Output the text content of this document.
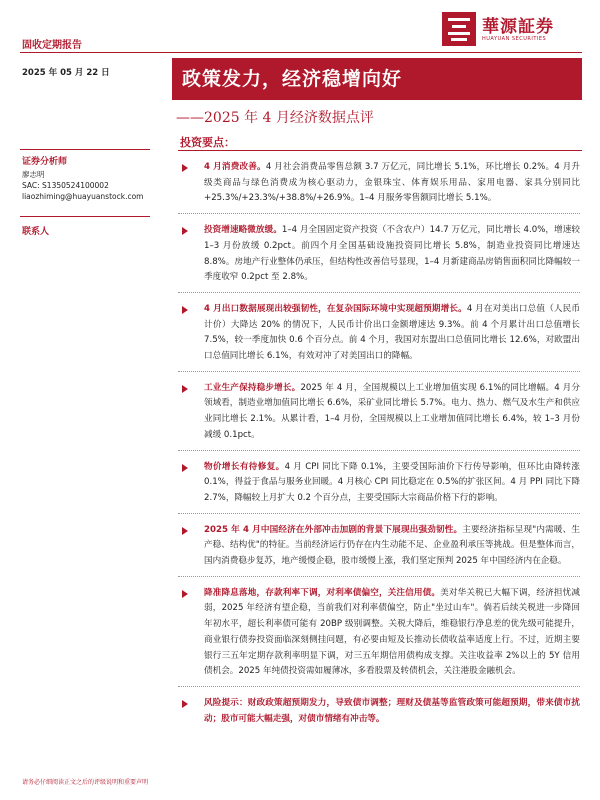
固收定期报告
華源証券
HUAYUAN SECURITIES
2025 年 05 月 22 日	政策发力，经济稳增向好
——2025 年 4 月经济数据点评
证券分析师
廖志明
SAC: S1350524100002
liaozhiming@huayuanstock.com
联系人
投资要点：
4 月消费改善。4 月社会消费品零售总额 3.7 万亿元，同比增长 5.1%，环比增长 0.2%。4 月升级类商品与绿色消费成为核心驱动力，金银珠宝、体育娱乐用品、家用电器、家具分别同比+25.3%/+23.3%/+38.8%/+26.9%。1–4 月服务零售额同比增长 5.1%。
投资增速略微放缓。1–4 月全国固定资产投资（不含农户）14.7 万亿元，同比增长 4.0%，增速较 1–3 月份放缓 0.2pct。前四个月全国基础设施投资同比增长 5.8%，制造业投资同比增速达 8.8%。房地产行业整体仍承压，但结构性改善信号显现，1–4 月新建商品房销售面积同比降幅较一季度收窄 0.2pct 至 2.8%。
4 月出口数据展现出较强韧性，在复杂国际环境中实现超预期增长。4 月在对美出口总值（人民币计价）大降达 20% 的情况下，人民币计价出口金额增速达 9.3%。前 4 个月累计出口总值增长 7.5%，较一季度加快 0.6 个百分点。前 4 个月，我国对东盟出口总值同比增长 12.6%，对欧盟出口总值同比增长 6.1%，有效对冲了对美国出口的降幅。
工业生产保持稳步增长。2025 年 4 月，全国规模以上工业增加值实现 6.1%的同比增幅。4 月分领域看，制造业增加值同比增长 6.6%，采矿业同比增长 5.7%。电力、热力、燃气及水生产和供应业同比增长 2.1%。从累计看，1–4 月份，全国规模以上工业增加值同比增长 6.4%，较 1–3 月份减缓 0.1pct。
物价增长有待修复。4 月 CPI 同比下降 0.1%，主要受国际油价下行传导影响，但环比由降转涨 0.1%，得益于食品与服务业回暖。4 月核心 CPI 同比稳定在 0.5%的扩张区间。4 月 PPI 同比下降 2.7%，降幅较上月扩大 0.2 个百分点，主要受国际大宗商品价格下行的影响。
2025 年 4 月中国经济在外部冲击加剧的背景下展现出强劲韧性。主要经济指标呈现"内需暖、生产稳、结构优"的特征。当前经济运行仍存在内生动能不足、企业盈利承压等挑战。但是整体而言，国内消费稳步复苏，地产缓慢企稳，股市缓慢上涨，我们坚定预判 2025 年中国经济内在企稳。
降准降息落地，存款利率下调，对利率债偏空，关注信用债。美对华关税已大幅下调，经济担忧减弱，2025 年经济有望企稳，当前我们对利率债偏空，防止"坐过山车"。倘若后续关税进一步降回年初水平，超长利率债可能有 20BP 级别调整。关税大降后，维稳银行净息差的优先级可能提升，商业银行债券投资面临深刻侧挂问题，有必要由短及长推动长债收益率适度上行。不过，近期主要银行三五年定期存款利率明显下调，对三五年期信用债构成支撑。关注收益率 2%以上的 5Y 信用债机会。2025 年纯债投资需如履薄冰，多看股票及转债机会，关注港股金融机会。
风险提示：财政政策超预期发力，导致债市调整；理财及债基等监管政策可能超预期，带来债市扰动；股市可能大幅走强，对债市情绪有冲击等。
请务必仔细阅读正文之后的评级说明和重要声明
